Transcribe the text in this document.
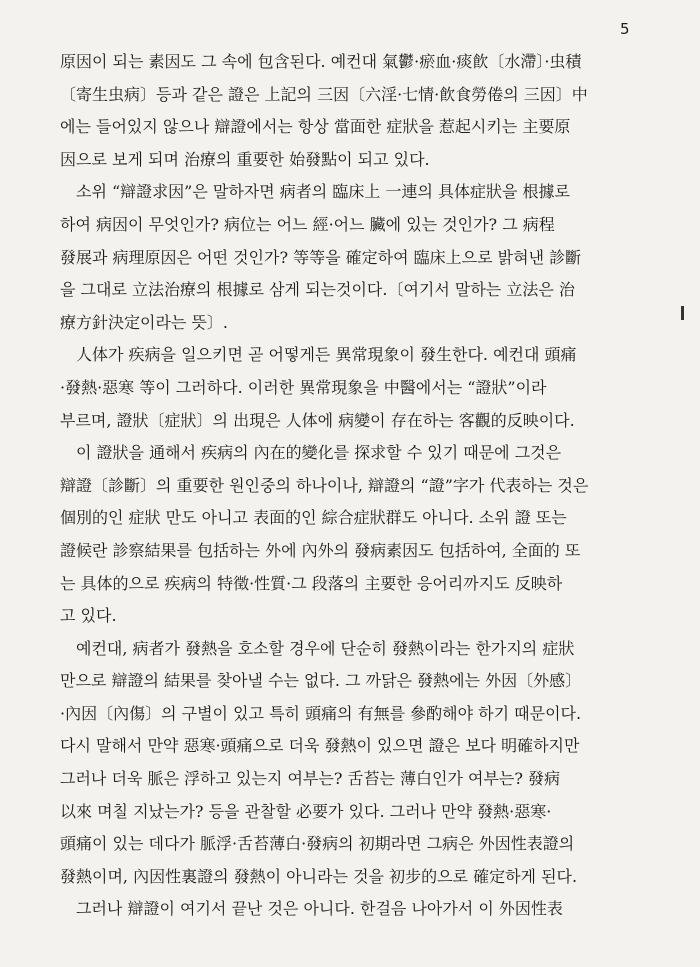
5
原因이 되는 素因도 그 속에 包含된다. 예컨대 氣鬱·瘀血·痰飮〔水滯〕·虫積
〔寄生虫病〕등과 같은 證은 上記의 三因〔六淫·七情·飮食勞倦의 三因〕中
에는 들어있지 않으나 辯證에서는 항상 當面한 症狀을 惹起시키는 主要原
因으로 보게 되며 治療의 重要한 始發點이 되고 있다.
소위 “辯證求因”은 말하자면 病者의 臨床上 一連의 具体症狀을 根據로
하여 病因이 무엇인가? 病位는 어느 經·어느 臟에 있는 것인가? 그 病程
發展과 病理原因은 어떤 것인가? 等等을 確定하여 臨床上으로 밝혀낸 診斷
을 그대로 立法治療의 根據로 삼게 되는것이다.〔여기서 말하는 立法은 治
療方針決定이라는 뜻〕.
人体가 疾病을 일으키면 곧 어떻게든 異常現象이 發生한다. 예컨대 頭痛
·發熱·惡寒 等이 그러하다. 이러한 異常現象을 中醫에서는 “證狀”이라
부르며, 證狀〔症狀〕의 出現은 人体에 病變이 存在하는 客觀的反映이다.
이 證狀을 通해서 疾病의 內在的變化를 探求할 수 있기 때문에 그것은
辯證〔診斷〕의 重要한 원인중의 하나이나, 辯證의 “證”字가 代表하는 것은
個別的인 症狀 만도 아니고 表面的인 綜合症狀群도 아니다. 소위 證 또는
證候란 診察結果를 包括하는 外에 內外의 發病素因도 包括하여, 全面的 또
는 具体的으로 疾病의 特徵·性質·그 段落의 主要한 응어리까지도 反映하
고 있다.
예컨대, 病者가 發熱을 호소할 경우에 단순히 發熱이라는 한가지의 症狀
만으로 辯證의 結果를 찾아낼 수는 없다. 그 까닭은 發熱에는 外因〔外感〕
·內因〔內傷〕의 구별이 있고 특히 頭痛의 有無를 參酌해야 하기 때문이다.
다시 말해서 만약 惡寒·頭痛으로 더욱 發熱이 있으면 證은 보다 明確하지만
그러나 더욱 脈은 浮하고 있는지 여부는? 舌苔는 薄白인가 여부는? 發病
以來 며칠 지났는가? 등을 관찰할 必要가 있다. 그러나 만약 發熱·惡寒·
頭痛이 있는 데다가 脈浮·舌苔薄白·發病의 初期라면 그病은 外因性表證의
發熱이며, 內因性裏證의 發熱이 아니라는 것을 初步的으로 確定하게 된다.
그러나 辯證이 여기서 끝난 것은 아니다. 한걸음 나아가서 이 外因性表
